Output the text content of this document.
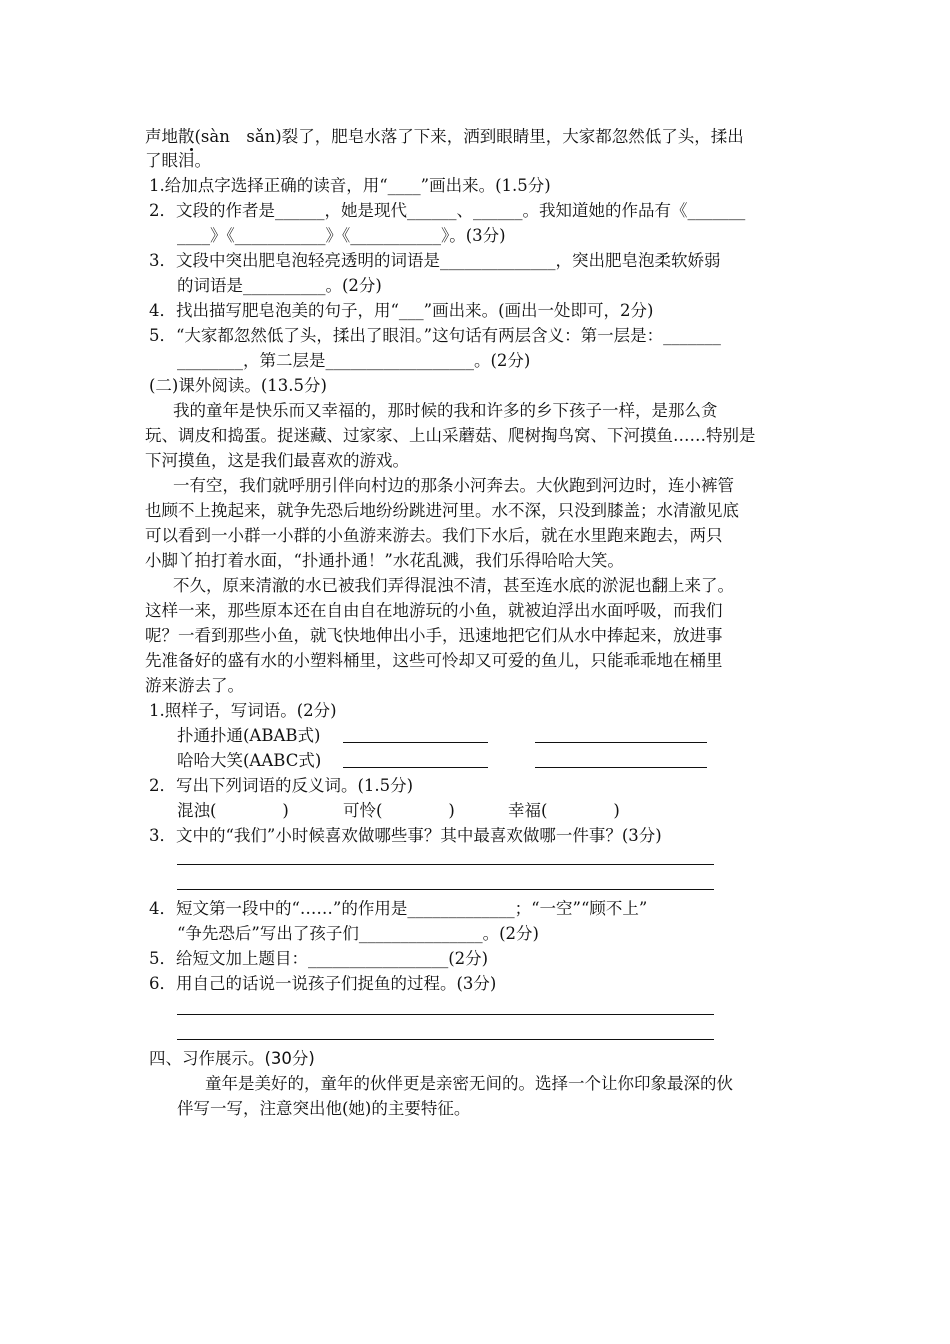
声地散(sàn　sǎn)裂了，肥皂水落了下来，洒到眼睛里，大家都忽然低了头，揉出
了眼泪。
1.给加点字选择正确的读音，用“____”画出来。(1.5分)
2．文段的作者是______，她是现代______、______。我知道她的作品有《_______
____》《___________》《___________》。(3分)
3．文段中突出肥皂泡轻亮透明的词语是______________，突出肥皂泡柔软娇弱
的词语是__________。(2分)
4．找出描写肥皂泡美的句子，用“___”画出来。(画出一处即可，2分)
5．“大家都忽然低了头，揉出了眼泪。”这句话有两层含义：第一层是：_______
________，第二层是__________________。(2分)
(二)课外阅读。(13.5分)
我的童年是快乐而又幸福的，那时候的我和许多的乡下孩子一样，是那么贪
玩、调皮和捣蛋。捉迷藏、过家家、上山采蘑菇、爬树掏鸟窝、下河摸鱼……特别是
下河摸鱼，这是我们最喜欢的游戏。
一有空，我们就呼朋引伴向村边的那条小河奔去。大伙跑到河边时，连小裤管
也顾不上挽起来，就争先恐后地纷纷跳进河里。水不深，只没到膝盖；水清澈见底
可以看到一小群一小群的小鱼游来游去。我们下水后，就在水里跑来跑去，两只
小脚丫拍打着水面，“扑通扑通！”水花乱溅，我们乐得哈哈大笑。
不久，原来清澈的水已被我们弄得混浊不清，甚至连水底的淤泥也翻上来了。
这样一来，那些原本还在自由自在地游玩的小鱼，就被迫浮出水面呼吸，而我们
呢？一看到那些小鱼，就飞快地伸出小手，迅速地把它们从水中捧起来，放进事
先准备好的盛有水的小塑料桶里，这些可怜却又可爱的鱼儿，只能乖乖地在桶里
游来游去了。
1.照样子，写词语。(2分)
扑通扑通(ABAB式)
哈哈大笑(AABC式)
2．写出下列词语的反义词。(1.5分)
混浊(　　　　)	可怜(　　　　)	幸福(　　　　)
3．文中的“我们”小时候喜欢做哪些事？其中最喜欢做哪一件事？(3分)
4．短文第一段中的“……”的作用是_____________；“一空”“顾不上”
“争先恐后”写出了孩子们_______________。(2分)
5．给短文加上题目：_________________(2分)
6．用自己的话说一说孩子们捉鱼的过程。(3分)
四、习作展示。(30分)
童年是美好的，童年的伙伴更是亲密无间的。选择一个让你印象最深的伙
伴写一写，注意突出他(她)的主要特征。
